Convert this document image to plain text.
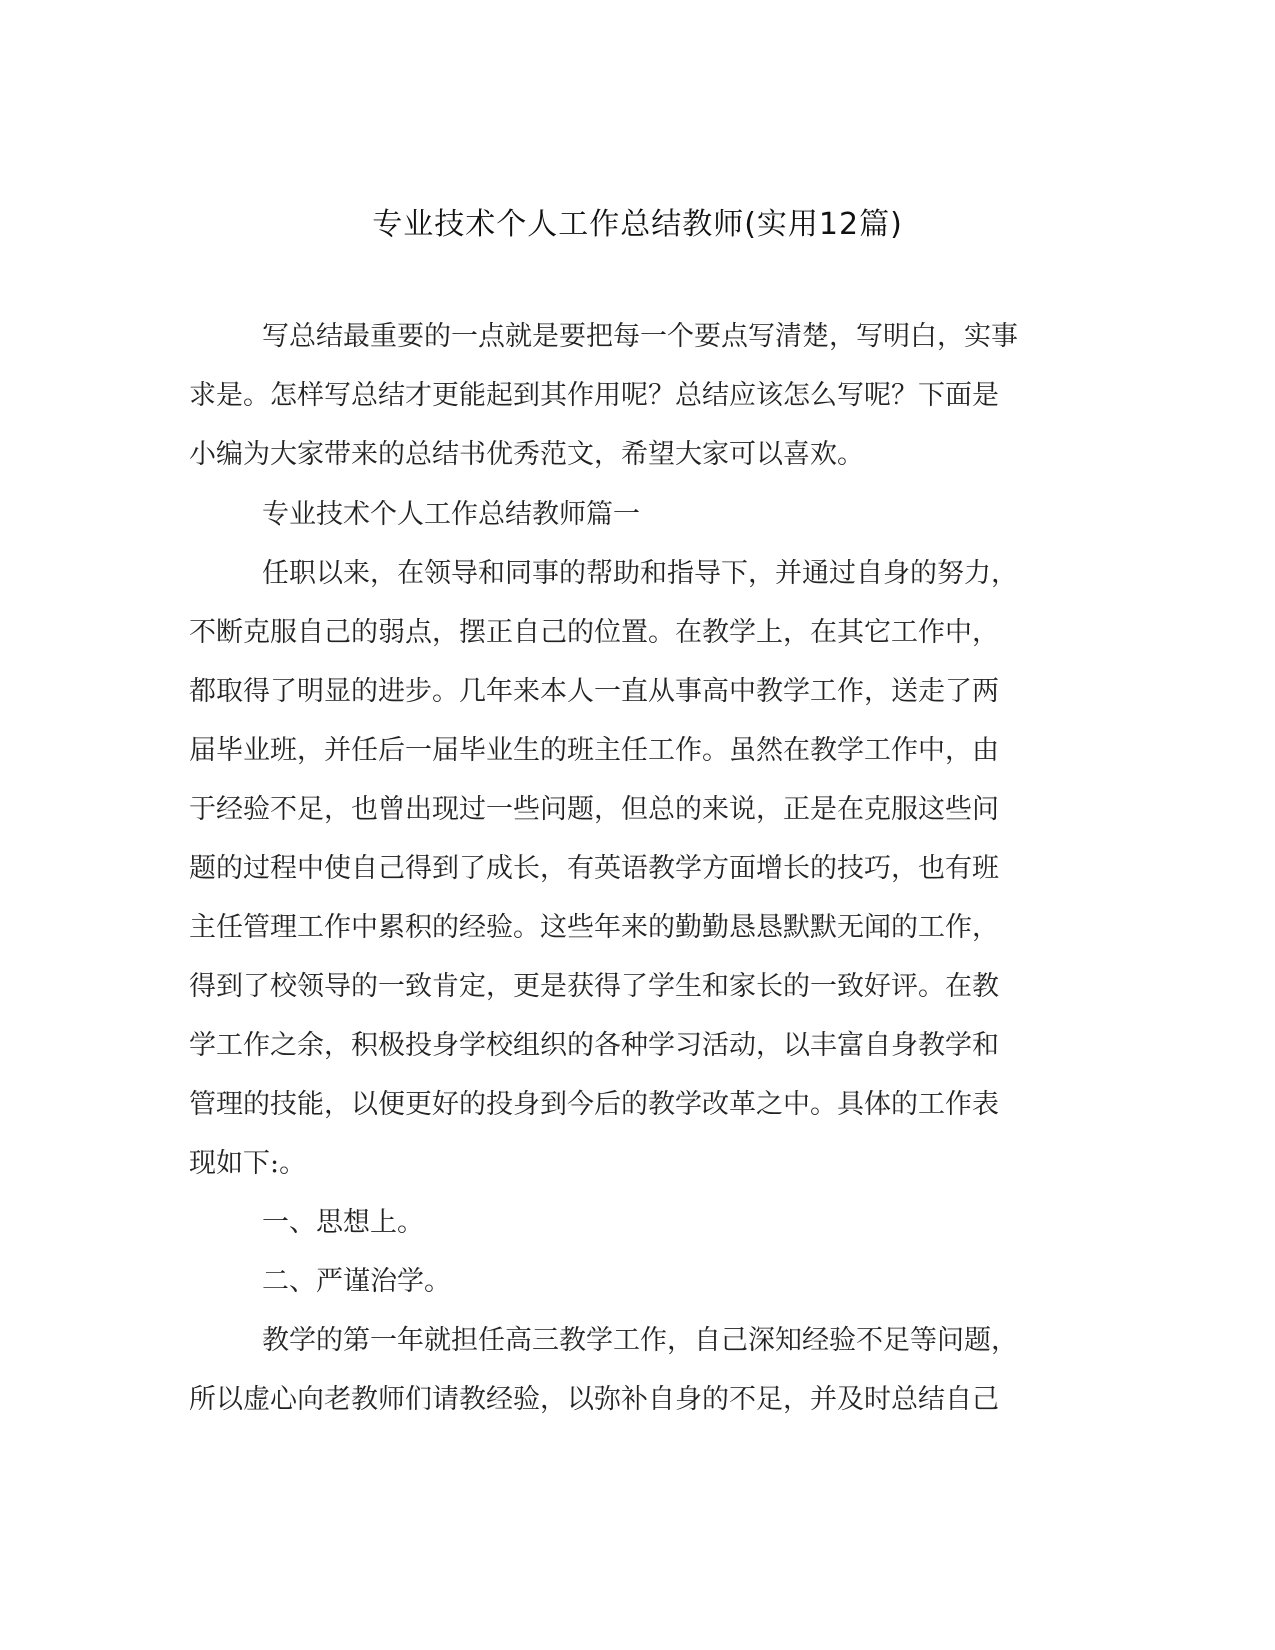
专业技术个人工作总结教师(实用12篇)
写总结最重要的一点就是要把每一个要点写清楚，写明白，实事
求是。怎样写总结才更能起到其作用呢？总结应该怎么写呢？下面是
小编为大家带来的总结书优秀范文，希望大家可以喜欢。
专业技术个人工作总结教师篇一
任职以来，在领导和同事的帮助和指导下，并通过自身的努力，
不断克服自己的弱点，摆正自己的位置。在教学上，在其它工作中，
都取得了明显的进步。几年来本人一直从事高中教学工作，送走了两
届毕业班，并任后一届毕业生的班主任工作。虽然在教学工作中，由
于经验不足，也曾出现过一些问题，但总的来说，正是在克服这些问
题的过程中使自己得到了成长，有英语教学方面增长的技巧，也有班
主任管理工作中累积的经验。这些年来的勤勤恳恳默默无闻的工作，
得到了校领导的一致肯定，更是获得了学生和家长的一致好评。在教
学工作之余，积极投身学校组织的各种学习活动，以丰富自身教学和
管理的技能，以便更好的投身到今后的教学改革之中。具体的工作表
现如下:。
一、思想上。
二、严谨治学。
教学的第一年就担任高三教学工作，自己深知经验不足等问题，
所以虚心向老教师们请教经验，以弥补自身的不足，并及时总结自己
